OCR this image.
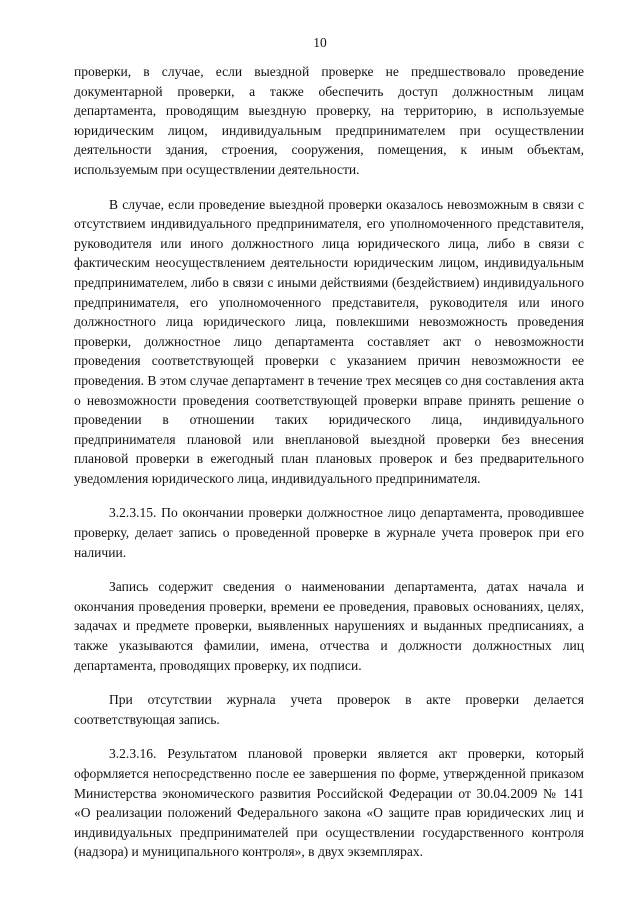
10

проверки, в случае, если выездной проверке не предшествовало проведение документарной проверки, а также обеспечить доступ должностным лицам департамента, проводящим выездную проверку, на территорию, в используемые юридическим лицом, индивидуальным предпринимателем при осуществлении деятельности здания, строения, сооружения, помещения, к иным объектам, используемым при осуществлении деятельности.

В случае, если проведение выездной проверки оказалось невозможным в связи с отсутствием индивидуального предпринимателя, его уполномоченного представителя, руководителя или иного должностного лица юридического лица, либо в связи с фактическим неосуществлением деятельности юридическим лицом, индивидуальным предпринимателем, либо в связи с иными действиями (бездействием) индивидуального предпринимателя, его уполномоченного представителя, руководителя или иного должностного лица юридического лица, повлекшими невозможность проведения проверки, должностное лицо департамента составляет акт о невозможности проведения соответствующей проверки с указанием причин невозможности ее проведения. В этом случае департамент в течение трех месяцев со дня составления акта о невозможности проведения соответствующей проверки вправе принять решение о проведении в отношении таких юридического лица, индивидуального предпринимателя плановой или внеплановой выездной проверки без внесения плановой проверки в ежегодный план плановых проверок и без предварительного уведомления юридического лица, индивидуального предпринимателя.

3.2.3.15. По окончании проверки должностное лицо департамента, проводившее проверку, делает запись о проведенной проверке в журнале учета проверок при его наличии.

Запись содержит сведения о наименовании департамента, датах начала и окончания проведения проверки, времени ее проведения, правовых основаниях, целях, задачах и предмете проверки, выявленных нарушениях и выданных предписаниях, а также указываются фамилии, имена, отчества и должности должностных лиц департамента, проводящих проверку, их подписи.

При отсутствии журнала учета проверок в акте проверки делается соответствующая запись.

3.2.3.16. Результатом плановой проверки является акт проверки, который оформляется непосредственно после ее завершения по форме, утвержденной приказом Министерства экономического развития Российской Федерации от 30.04.2009 № 141 «О реализации положений Федерального закона «О защите прав юридических лиц и индивидуальных предпринимателей при осуществлении государственного контроля (надзора) и муниципального контроля», в двух экземплярах.
